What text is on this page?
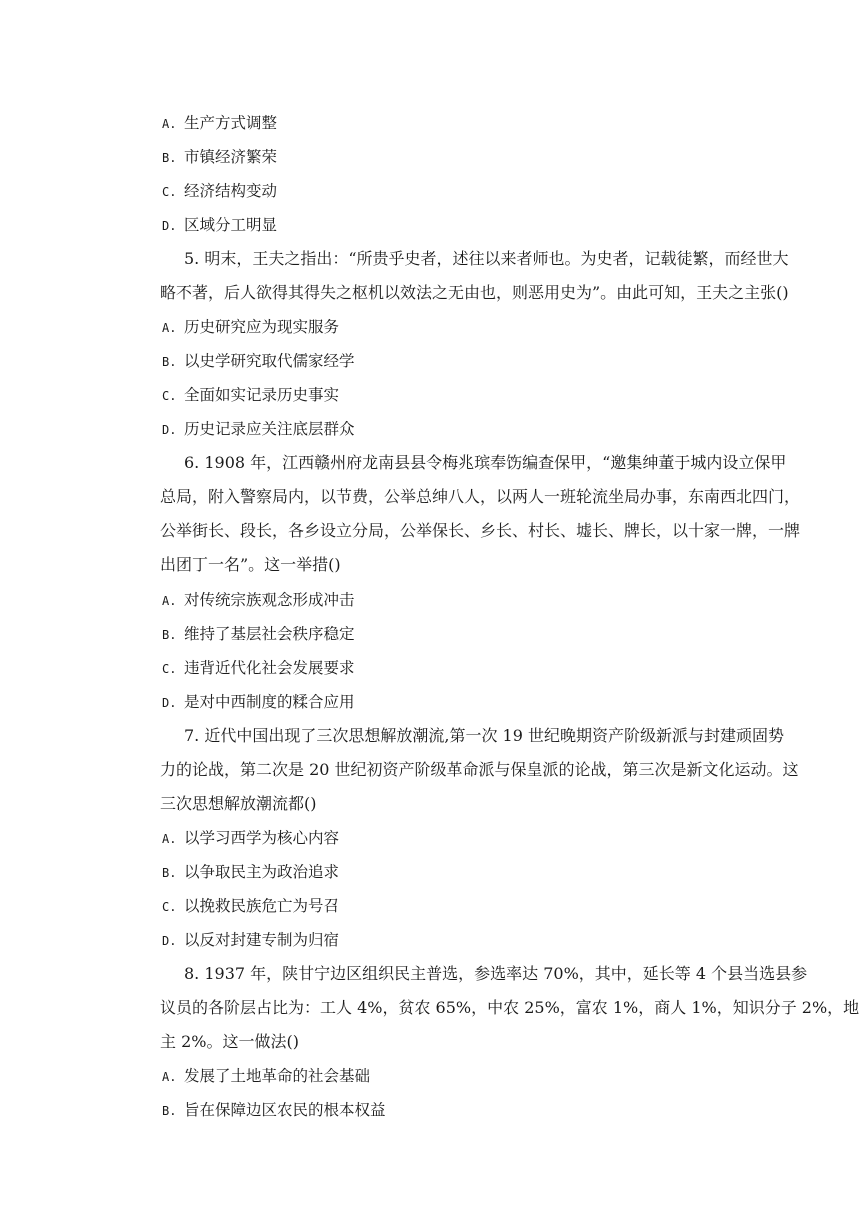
A. 生产方式调整
B. 市镇经济繁荣
C. 经济结构变动
D. 区域分工明显
5. 明末，王夫之指出：“所贵乎史者，述往以来者师也。为史者，记载徒繁，而经世大
略不著，后人欲得其得失之枢机以效法之无由也，则恶用史为”。由此可知，王夫之主张()
A. 历史研究应为现实服务
B. 以史学研究取代儒家经学
C. 全面如实记录历史事实
D. 历史记录应关注底层群众
6. 1908 年，江西赣州府龙南县县令梅兆瑸奉饬编查保甲，“邀集绅董于城内设立保甲
总局，附入警察局内，以节费，公举总绅八人，以两人一班轮流坐局办事，东南西北四门，
公举街长、段长，各乡设立分局，公举保长、乡长、村长、墟长、牌长，以十家一牌，一牌
出团丁一名”。这一举措()
A. 对传统宗族观念形成冲击
B. 维持了基层社会秩序稳定
C. 违背近代化社会发展要求
D. 是对中西制度的糅合应用
7. 近代中国出现了三次思想解放潮流,第一次 19 世纪晚期资产阶级新派与封建顽固势
力的论战，第二次是 20 世纪初资产阶级革命派与保皇派的论战，第三次是新文化运动。这
三次思想解放潮流都()
A. 以学习西学为核心内容
B. 以争取民主为政治追求
C. 以挽救民族危亡为号召
D. 以反对封建专制为归宿
8. 1937 年，陕甘宁边区组织民主普选，参选率达 70%，其中，延长等 4 个县当选县参
议员的各阶层占比为：工人 4%，贫农 65%，中农 25%，富农 1%，商人 1%，知识分子 2%，地
主 2%。这一做法()
A. 发展了土地革命的社会基础
B. 旨在保障边区农民的根本权益
